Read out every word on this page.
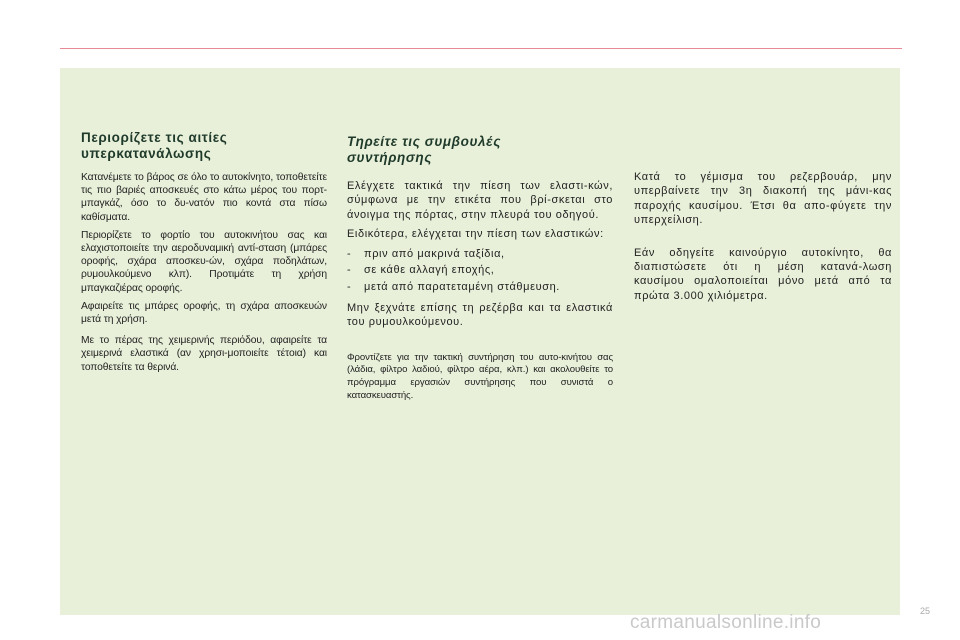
Περιορίζετε τις αιτίες
υπερκατανάλωσης

Κατανέμετε το βάρος σε όλο το αυτοκίνητο, τοποθετείτε τις πιο βαριές αποσκευές στο κάτω μέρος του πορτ-μπαγκάζ, όσο το δυ-νατόν πιο κοντά στα πίσω καθίσματα.

Περιορίζετε το φορτίο του αυτοκινήτου σας και ελαχιστοποιείτε την αεροδυναμική αντί-σταση (μπάρες οροφής, σχάρα αποσκευ-ών, σχάρα ποδηλάτων, ρυμουλκούμενο κλπ). Προτιμάτε τη χρήση μπαγκαζιέρας οροφής.

Αφαιρείτε τις μπάρες οροφής, τη σχάρα αποσκευών μετά τη χρήση.

Με το πέρας της χειμερινής περιόδου, αφαιρείτε τα χειμερινά ελαστικά (αν χρησι-μοποιείτε τέτοια) και τοποθετείτε τα θερινά.

Τηρείτε τις συμβουλές
συντήρησης

Ελέγχετε τακτικά την πίεση των ελαστι-κών, σύμφωνα με την ετικέτα που βρί-σκεται στο άνοιγμα της πόρτας, στην πλευρά του οδηγού.

Ειδικότερα, ελέγχεται την πίεση των ελαστικών:

- πριν από μακρινά ταξίδια,
- σε κάθε αλλαγή εποχής,
- μετά από παρατεταμένη στάθμευση.

Μην ξεχνάτε επίσης τη ρεζέρβα και τα ελαστικά του ρυμουλκούμενου.

Φροντίζετε για την τακτική συντήρηση του αυτο-κινήτου σας (λάδια, φίλτρο λαδιού, φίλτρο αέρα, κλπ.) και ακολουθείτε το πρόγραμμα εργασιών συντήρησης που συνιστά ο κατασκευαστής.

Κατά το γέμισμα του ρεζερβουάρ, μην υπερβαίνετε την 3η διακοπή της μάνι-κας παροχής καυσίμου. Έτσι θα απο-φύγετε την υπερχείλιση.

Εάν οδηγείτε καινούργιο αυτοκίνητο, θα διαπιστώσετε ότι η μέση κατανά-λωση καυσίμου ομαλοποιείται μόνο μετά από τα πρώτα 3.000 χιλιόμετρα.

carmanualsonline.info
25
